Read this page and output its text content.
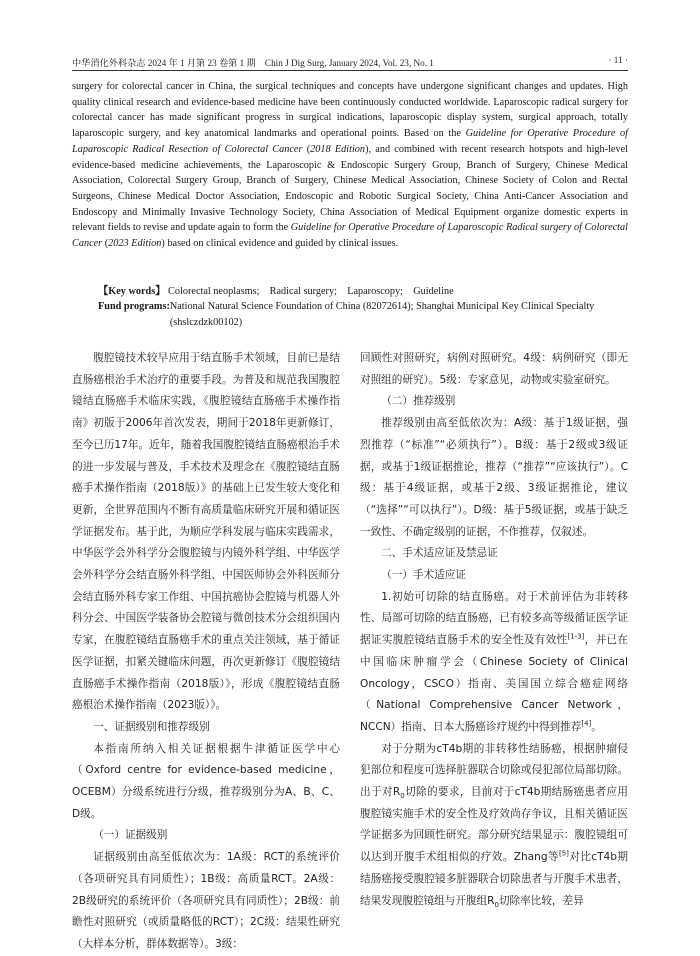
中华消化外科杂志 2024 年 1 月第 23 卷第 1 期　Chin J Dig Surg, January 2024, Vol. 23, No. 1	· 11 ·

surgery for colorectal cancer in China, the surgical techniques and concepts have undergone significant changes and updates. High quality clinical research and evidence-based medicine have been continuously conducted worldwide. Laparoscopic radical surgery for colorectal cancer has made significant progress in surgical indications, laparoscopic display system, surgical approach, totally laparoscopic surgery, and key anatomical landmarks and operational points. Based on the Guideline for Operative Procedure of Laparoscopic Radical Resection of Colorectal Cancer (2018 Edition), and combined with recent research hotspots and high-level evidence-based medicine achievements, the Laparoscopic & Endoscopic Surgery Group, Branch of Surgery, Chinese Medical Association, Colorectal Surgery Group, Branch of Surgery, Chinese Medical Association, Chinese Society of Colon and Rectal Surgeons, Chinese Medical Doctor Association, Endoscopic and Robotic Surgical Society, China Anti-Cancer Association and Endoscopy and Minimally Invasive Technology Society, China Association of Medical Equipment organize domestic experts in relevant fields to revise and update again to form the Guideline for Operative Procedure of Laparoscopic Radical surgery of Colorectal Cancer (2023 Edition) based on clinical evidence and guided by clinical issues.

【Key words】 Colorectal neoplasms;　Radical surgery;　Laparoscopy;　Guideline
Fund programs: National Natural Science Foundation of China (82072614); Shanghai Municipal Key Clinical Specialty (shslczdzk00102)

腹腔镜技术较早应用于结直肠手术领域，目前已是结直肠癌根治手术治疗的重要手段。为普及和规范我国腹腔镜结直肠癌手术临床实践，《腹腔镜结直肠癌手术操作指南》初版于2006年首次发表，期间于2018年更新修订，至今已历17年。近年，随着我国腹腔镜结直肠癌根治手术的进一步发展与普及，手术技术及理念在《腹腔镜结直肠癌手术操作指南（2018版）》的基础上已发生较大变化和更新，全世界范围内不断有高质量临床研究开展和循证医学证据发布。基于此，为顺应学科发展与临床实践需求，中华医学会外科学分会腹腔镜与内镜外科学组、中华医学会外科学分会结直肠外科学组、中国医师协会外科医师分会结直肠外科专家工作组、中国抗癌协会腔镜与机器人外科分会、中国医学装备协会腔镜与微创技术分会组织国内专家，在腹腔镜结直肠癌手术的重点关注领域，基于循证医学证据，扣紧关键临床问题，再次更新修订《腹腔镜结直肠癌手术操作指南（2018版）》，形成《腹腔镜结直肠癌根治术操作指南（2023版）》。

一、证据级别和推荐级别

本指南所纳入相关证据根据牛津循证医学中心（Oxford centre for evidence-based medicine，OCEBM）分级系统进行分级，推荐级别分为A、B、C、D级。

（一）证据级别

证据级别由高至低依次为：1A级：RCT的系统评价（各项研究具有同质性）；1B级：高质量RCT。2A级：2B级研究的系统评价（各项研究具有同质性）；2B级：前瞻性对照研究（或质量略低的RCT）；2C级：结果性研究（大样本分析，群体数据等）。3级：

回顾性对照研究，病例对照研究。4级：病例研究（即无对照组的研究）。5级：专家意见，动物或实验室研究。

（二）推荐级别

推荐级别由高至低依次为：A级：基于1级证据，强烈推荐（“标准”“必须执行”）。B级：基于2级或3级证据，或基于1级证据推论，推荐（“推荐”“应该执行”）。C级：基于4级证据，或基于2级、3级证据推论，建议（“选择”“可以执行”）。D级：基于5级证据，或基于缺乏一致性、不确定级别的证据，不作推荐，仅叙述。

二、手术适应证及禁忌证

（一）手术适应证

1.初始可切除的结直肠癌。对于术前评估为非转移性、局部可切除的结直肠癌，已有较多高等级循证医学证据证实腹腔镜结直肠手术的安全性及有效性[1-3]，并已在中国临床肿瘤学会（Chinese Society of Clinical Oncology，CSCO）指南、美国国立综合癌症网络（National Comprehensive Cancer Network，NCCN）指南、日本大肠癌诊疗规约中得到推荐[4]。

对于分期为cT4b期的非转移性结肠癌，根据肿瘤侵犯部位和程度可选择脏器联合切除或侵犯部位局部切除。出于对$R_0$切除的要求，目前对于cT4b期结肠癌患者应用腹腔镜实施手术的安全性及疗效尚存争议，且相关循证医学证据多为回顾性研究。部分研究结果显示：腹腔镜组可以达到开腹手术组相似的疗效。Zhang等[5]对比cT4b期结肠癌接受腹腔镜多脏器联合切除患者与开腹手术患者，结果发现腹腔镜组与开腹组$R_0$切除率比较，差异
